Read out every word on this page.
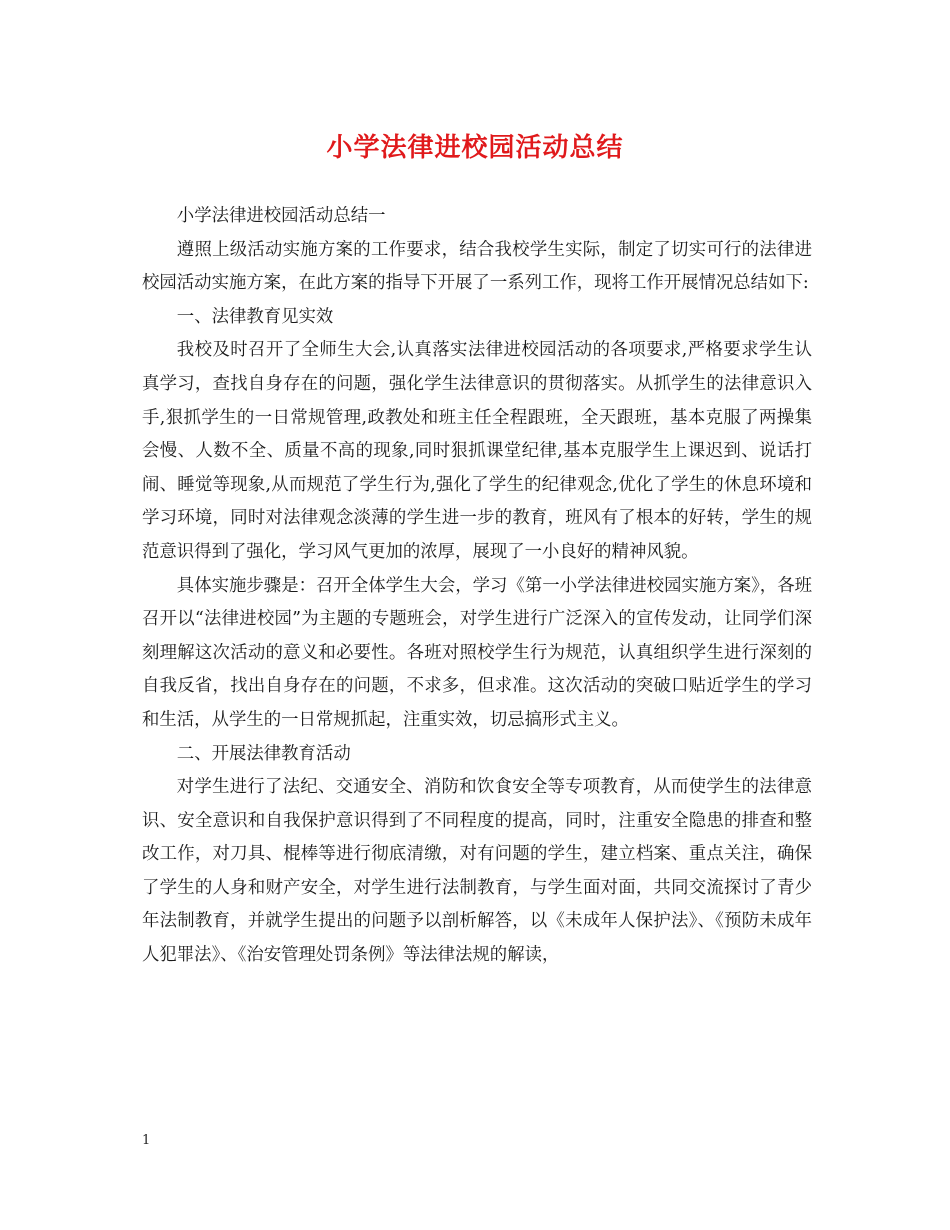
小学法律进校园活动总结

小学法律进校园活动总结一

遵照上级活动实施方案的工作要求，结合我校学生实际，制定了切实可行的法律进校园活动实施方案，在此方案的指导下开展了一系列工作，现将工作开展情况总结如下:

一、法律教育见实效

我校及时召开了全师生大会,认真落实法律进校园活动的各项要求,严格要求学生认真学习，查找自身存在的问题，强化学生法律意识的贯彻落实。从抓学生的法律意识入手,狠抓学生的一日常规管理,政教处和班主任全程跟班，全天跟班，基本克服了两操集会慢、人数不全、质量不高的现象,同时狠抓课堂纪律,基本克服学生上课迟到、说话打闹、睡觉等现象,从而规范了学生行为,强化了学生的纪律观念,优化了学生的休息环境和学习环境，同时对法律观念淡薄的学生进一步的教育，班风有了根本的好转，学生的规范意识得到了强化，学习风气更加的浓厚，展现了一小良好的精神风貌。

具体实施步骤是：召开全体学生大会，学习《第一小学法律进校园实施方案》，各班召开以“法律进校园”为主题的专题班会，对学生进行广泛深入的宣传发动，让同学们深刻理解这次活动的意义和必要性。各班对照校学生行为规范，认真组织学生进行深刻的自我反省，找出自身存在的问题，不求多，但求准。这次活动的突破口贴近学生的学习和生活，从学生的一日常规抓起，注重实效，切忌搞形式主义。

二、开展法律教育活动

对学生进行了法纪、交通安全、消防和饮食安全等专项教育，从而使学生的法律意识、安全意识和自我保护意识得到了不同程度的提高，同时，注重安全隐患的排查和整改工作，对刀具、棍棒等进行彻底清缴，对有问题的学生，建立档案、重点关注，确保了学生的人身和财产安全，对学生进行法制教育，与学生面对面，共同交流探讨了青少年法制教育，并就学生提出的问题予以剖析解答，以《未成年人保护法》、《预防未成年人犯罪法》、《治安管理处罚条例》等法律法规的解读，

1
